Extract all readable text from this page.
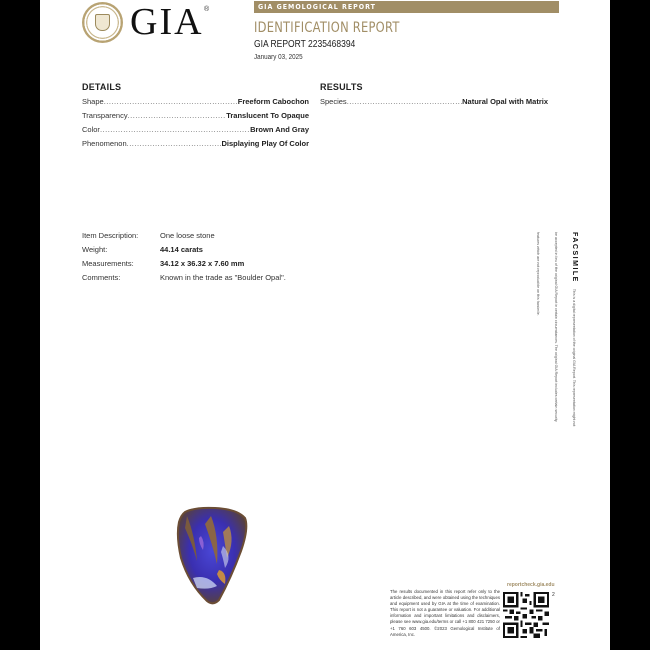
GIA ®	GIA GEMOLOGICAL REPORT
IDENTIFICATION REPORT
GIA REPORT 2235468394
January 03, 2025
DETAILS
Shape .....	Freeform Cabochon
Transparency .....	Translucent To Opaque
Color .....	Brown And Gray
Phenomenon .....	Displaying Play Of Color
RESULTS
Species .....	Natural Opal with Matrix
Item Description:	One loose stone
Weight:	44.14 carats
Measurements:	34.12 x 36.32 x 7.60 mm
Comments:	Known in the trade as "Boulder Opal".	FACSIMILEThis is a digital representation of the original GIA Report. This representation might not be accepted in lieu of the original GIA Report in certain circumstances. The original GIA Report includes certain security features which are not reproducible on this facsimile.
The results documented in this report refer only to the article described, and were obtained using the techniques and equipment used by GIA at the time of examination. This report is not a guarantee or valuation. For additional information and important limitations and disclaimers, please see www.gia.edu/terms or call +1 800 421 7250 or +1 760 603 4500. ©2023 Gemological Institute of America, Inc.
reportcheck.gia.edu
2
